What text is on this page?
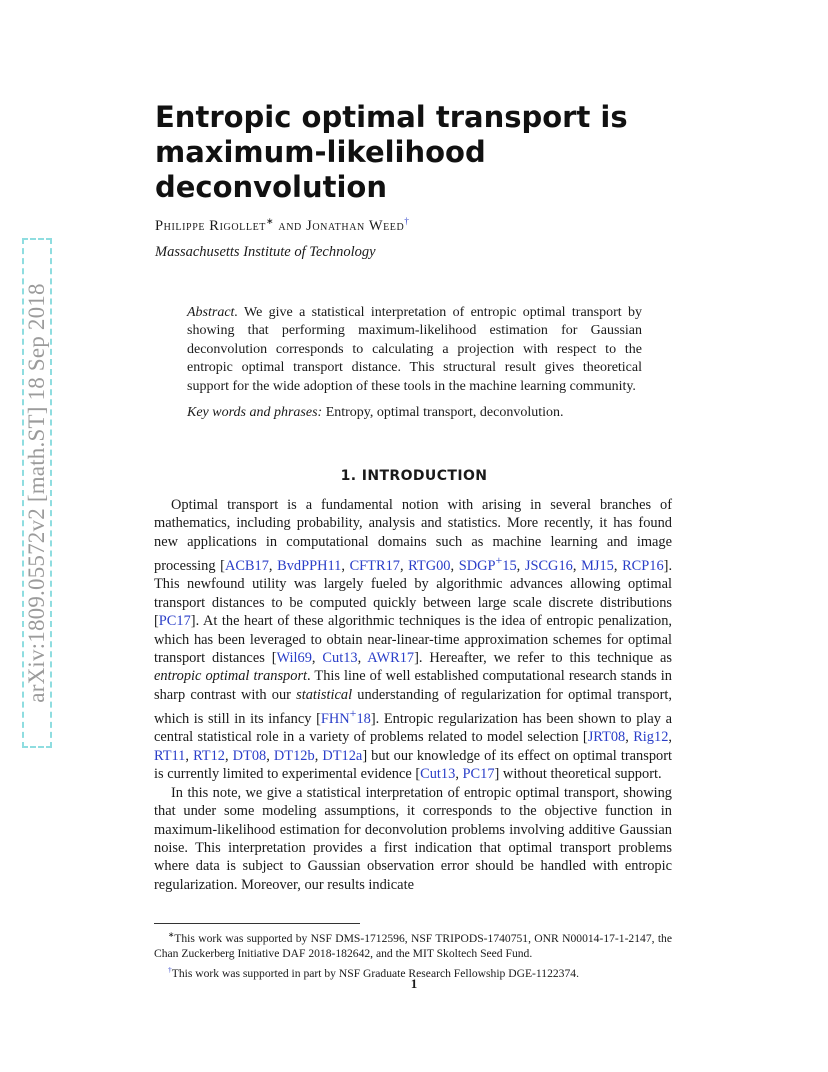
arXiv:1809.05572v2 [math.ST] 18 Sep 2018
Entropic optimal transport is maximum-likelihood deconvolution
Philippe Rigollet∗ and Jonathan Weed†
Massachusetts Institute of Technology

Abstract. We give a statistical interpretation of entropic optimal transport by showing that performing maximum-likelihood estimation for Gaussian deconvolution corresponds to calculating a projection with respect to the entropic optimal transport distance. This structural result gives theoretical support for the wide adoption of these tools in the machine learning community.

Key words and phrases: Entropy, optimal transport, deconvolution.

1. INTRODUCTION

Optimal transport is a fundamental notion with arising in several branches of mathematics, including probability, analysis and statistics. More recently, it has found new applications in computational domains such as machine learning and image processing [ACB17, BvdPPH11, CFTR17, RTG00, SDGP+15, JSCG16, MJ15, RCP16]. This newfound utility was largely fueled by algorithmic advances allowing optimal transport distances to be computed quickly between large scale discrete distributions [PC17]. At the heart of these algorithmic techniques is the idea of entropic penalization, which has been leveraged to obtain near-linear-time approximation schemes for optimal transport distances [Wil69, Cut13, AWR17]. Hereafter, we refer to this technique as entropic optimal transport. This line of well established computational research stands in sharp contrast with our statistical understanding of regularization for optimal transport, which is still in its infancy [FHN+18]. Entropic regularization has been shown to play a central statistical role in a variety of problems related to model selection [JRT08, Rig12, RT11, RT12, DT08, DT12b, DT12a] but our knowledge of its effect on optimal transport is currently limited to experimental evidence [Cut13, PC17] without theoretical support.

In this note, we give a statistical interpretation of entropic optimal transport, showing that under some modeling assumptions, it corresponds to the objective function in maximum-likelihood estimation for deconvolution problems involving additive Gaussian noise. This interpretation provides a first indication that optimal transport problems where data is subject to Gaussian observation error should be handled with entropic regularization. Moreover, our results indicate

∗This work was supported by NSF DMS-1712596, NSF TRIPODS-1740751, ONR N00014-17-1-2147, the Chan Zuckerberg Initiative DAF 2018-182642, and the MIT Skoltech Seed Fund.

†This work was supported in part by NSF Graduate Research Fellowship DGE-1122374.

1
